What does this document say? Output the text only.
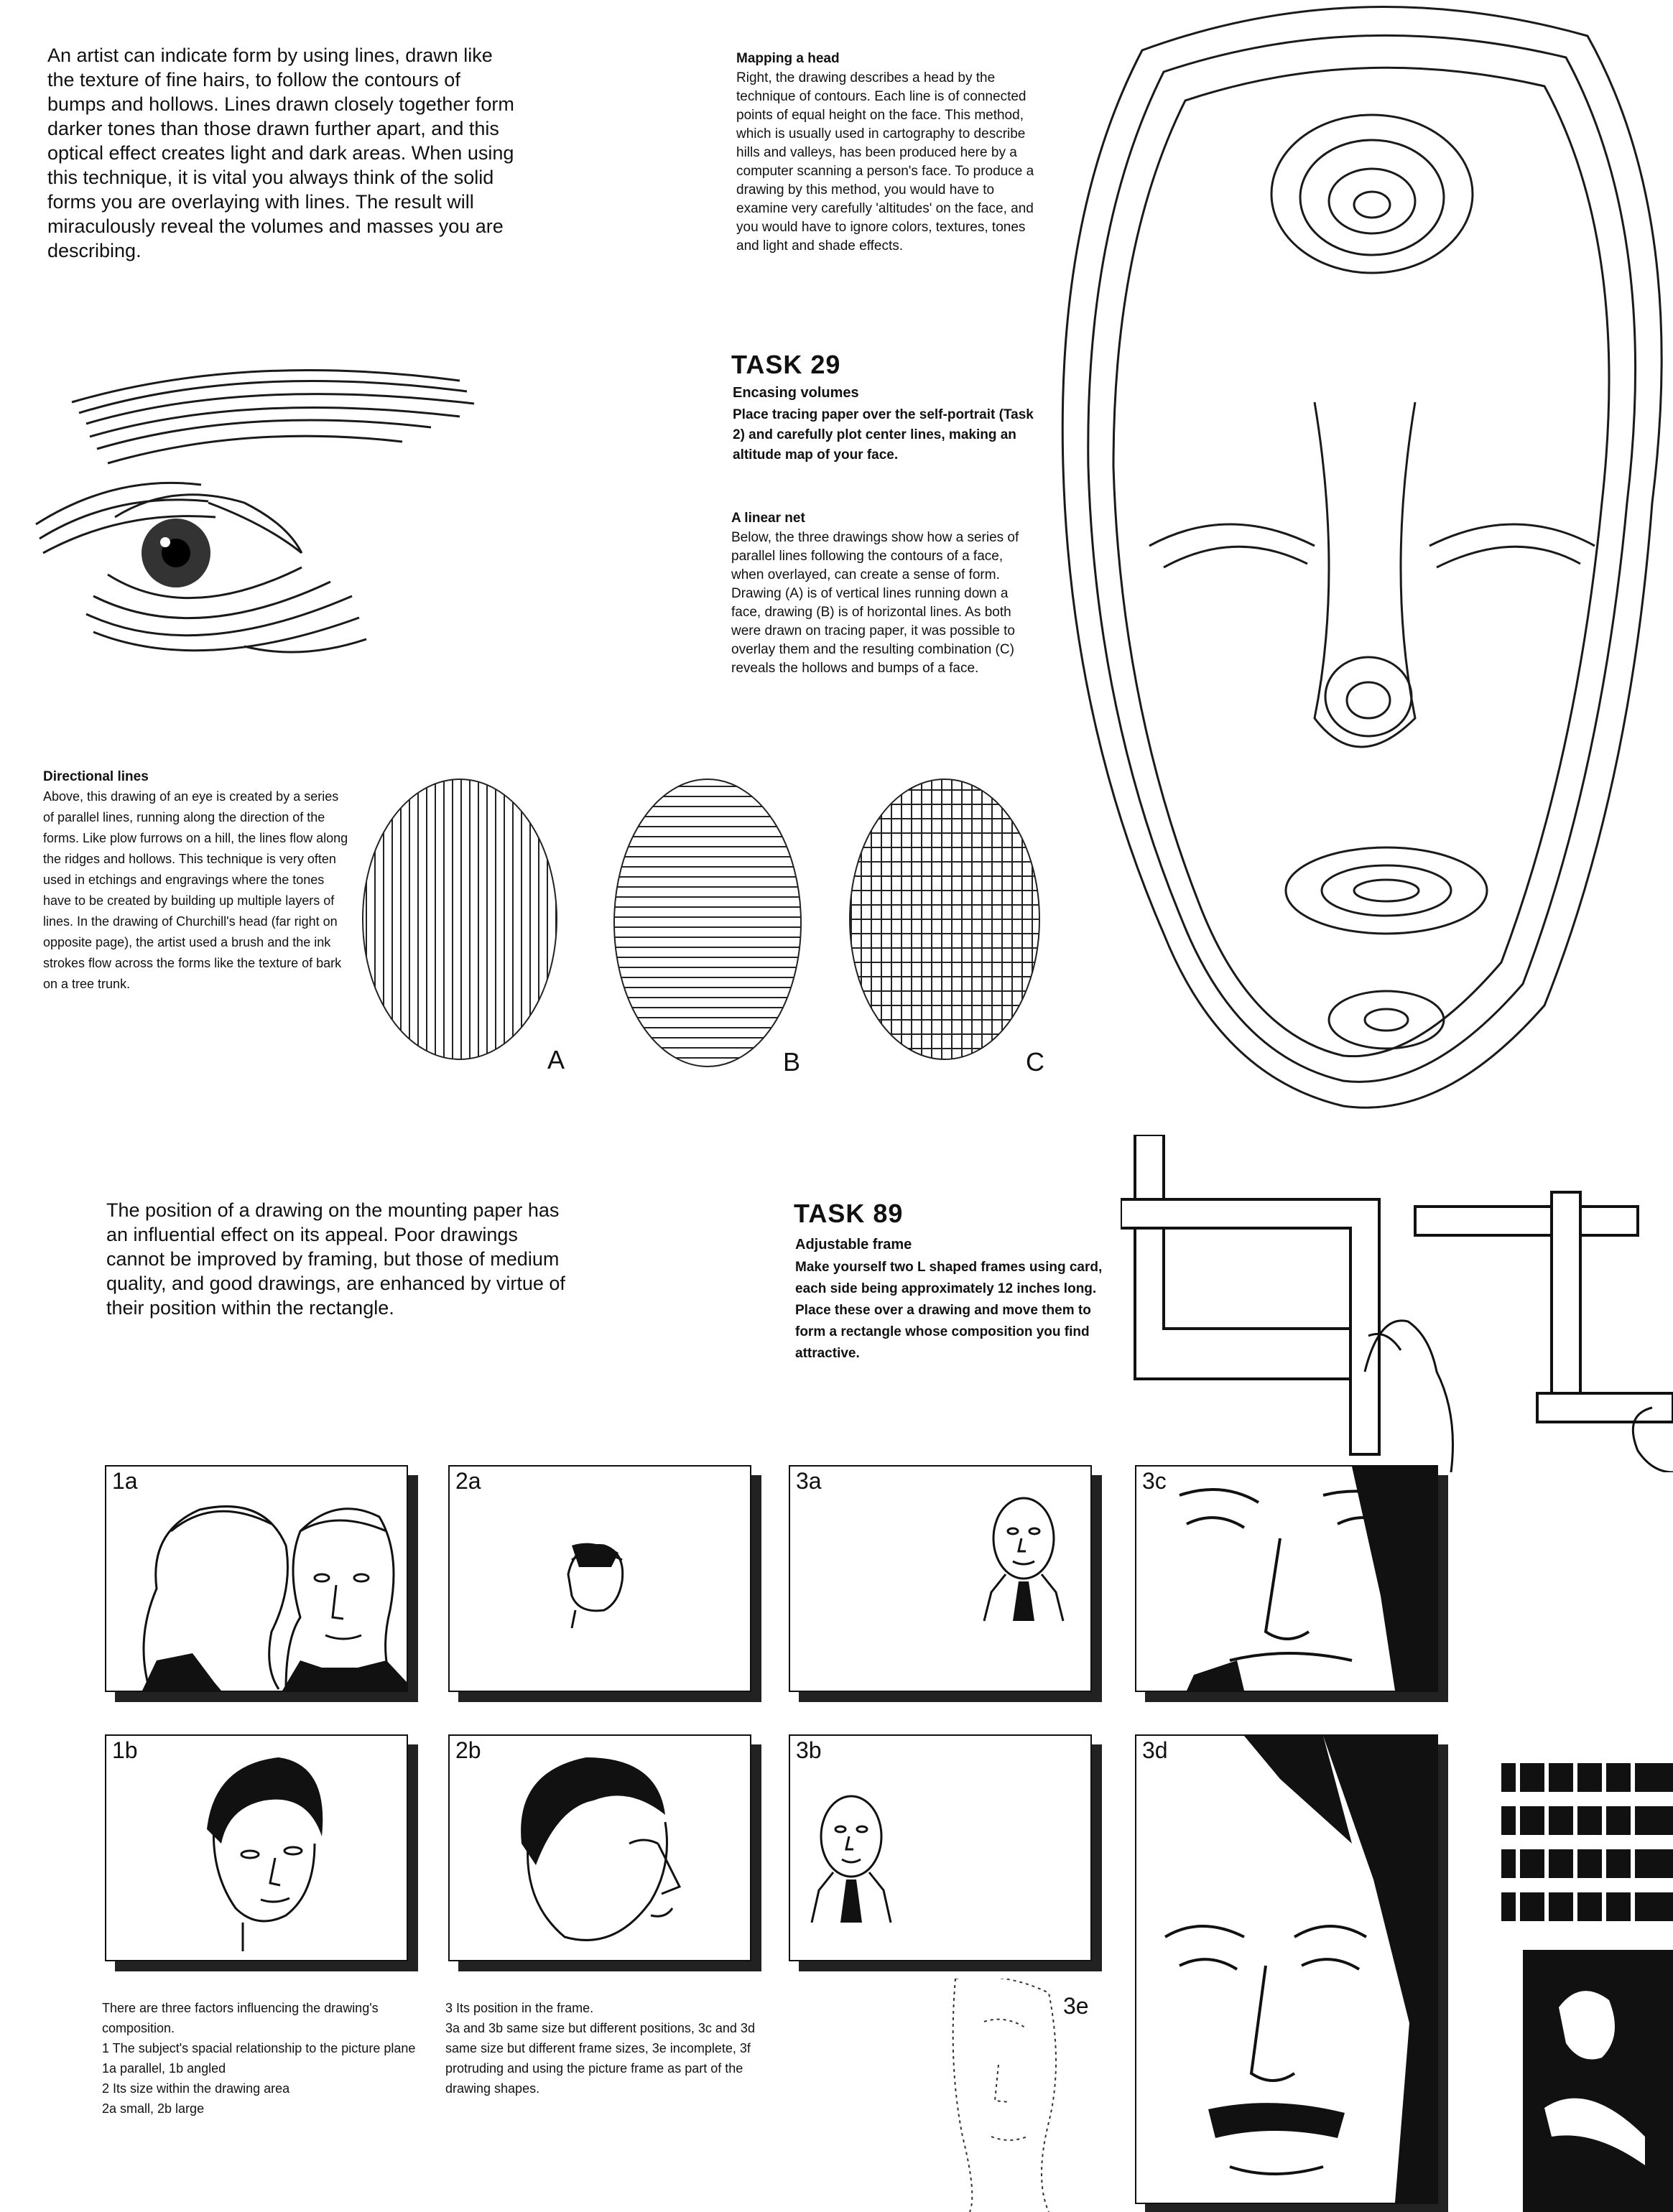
An artist can indicate form by using lines, drawn like the texture of fine hairs, to follow the contours of bumps and hollows. Lines drawn closely together form darker tones than those drawn further apart, and this optical effect creates light and dark areas. When using this technique, it is vital you always think of the solid forms you are overlaying with lines. The result will miraculously reveal the volumes and masses you are describing.
Mapping a head
Right, the drawing describes a head by the technique of contours. Each line is of connected points of equal height on the face. This method, which is usually used in cartography to describe hills and valleys, has been produced here by a computer scanning a person's face. To produce a drawing by this method, you would have to examine very carefully 'altitudes' on the face, and you would have to ignore colors, textures, tones and light and shade effects.
TASK 29
Encasing volumes
Place tracing paper over the self-portrait (Task 2) and carefully plot center lines, making an altitude map of your face.
A linear net
Below, the three drawings show how a series of parallel lines following the contours of a face, when overlayed, can create a sense of form. Drawing (A) is of vertical lines running down a face, drawing (B) is of horizontal lines. As both were drawn on tracing paper, it was possible to overlay them and the resulting combination (C) reveals the hollows and bumps of a face.
Directional lines
Above, this drawing of an eye is created by a series of parallel lines, running along the direction of the forms. Like plow furrows on a hill, the lines flow along the ridges and hollows. This technique is very often used in etchings and engravings where the tones have to be created by building up multiple layers of lines. In the drawing of Churchill's head (far right on opposite page), the artist used a brush and the ink strokes flow across the forms like the texture of bark on a tree trunk.
A	B	C
The position of a drawing on the mounting paper has an influential effect on its appeal. Poor drawings cannot be improved by framing, but those of medium quality, and good drawings, are enhanced by virtue of their position within the rectangle.
TASK 89
Adjustable frame
Make yourself two L shaped frames using card, each side being approximately 12 inches long. Place these over a drawing and move them to form a rectangle whose composition you find attractive.
1a	2a	3a	3c
1b	2b	3b	3d
3e
There are three factors influencing the drawing's composition.
1 The subject's spacial relationship to the picture plane
1a parallel, 1b angled
2 Its size within the drawing area
2a small, 2b large
3 Its position in the frame.
3a and 3b same size but different positions, 3c and 3d same size but different frame sizes, 3e incomplete, 3f protruding and using the picture frame as part of the drawing shapes.
